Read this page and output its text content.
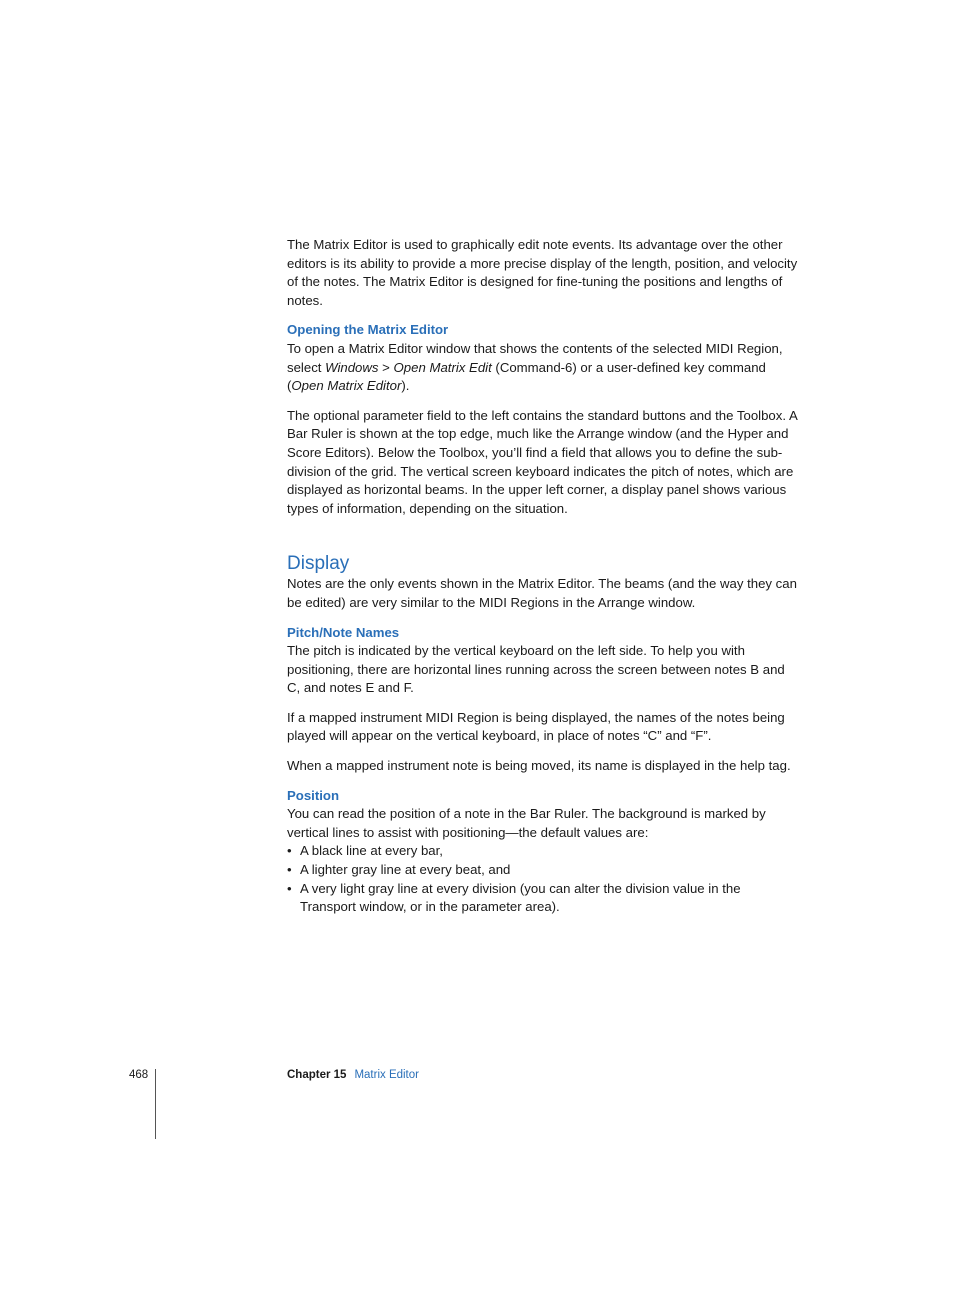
The Matrix Editor is used to graphically edit note events. Its advantage over the other editors is its ability to provide a more precise display of the length, position, and velocity of the notes. The Matrix Editor is designed for fine-tuning the positions and lengths of notes.

Opening the Matrix Editor

To open a Matrix Editor window that shows the contents of the selected MIDI Region, select Windows > Open Matrix Edit (Command-6) or a user-defined key command (Open Matrix Editor).

The optional parameter field to the left contains the standard buttons and the Toolbox. A Bar Ruler is shown at the top edge, much like the Arrange window (and the Hyper and Score Editors). Below the Toolbox, you’ll find a field that allows you to define the sub-division of the grid. The vertical screen keyboard indicates the pitch of notes, which are displayed as horizontal beams. In the upper left corner, a display panel shows various types of information, depending on the situation.

Display

Notes are the only events shown in the Matrix Editor. The beams (and the way they can be edited) are very similar to the MIDI Regions in the Arrange window.

Pitch/Note Names

The pitch is indicated by the vertical keyboard on the left side. To help you with positioning, there are horizontal lines running across the screen between notes B and C, and notes E and F.

If a mapped instrument MIDI Region is being displayed, the names of the notes being played will appear on the vertical keyboard, in place of notes “C” and “F”.

When a mapped instrument note is being moved, its name is displayed in the help tag.

Position

You can read the position of a note in the Bar Ruler. The background is marked by vertical lines to assist with positioning—the default values are:

• A black line at every bar,
• A lighter gray line at every beat, and
• A very light gray line at every division (you can alter the division value in the Transport window, or in the parameter area).
468	Chapter 15 Matrix Editor
